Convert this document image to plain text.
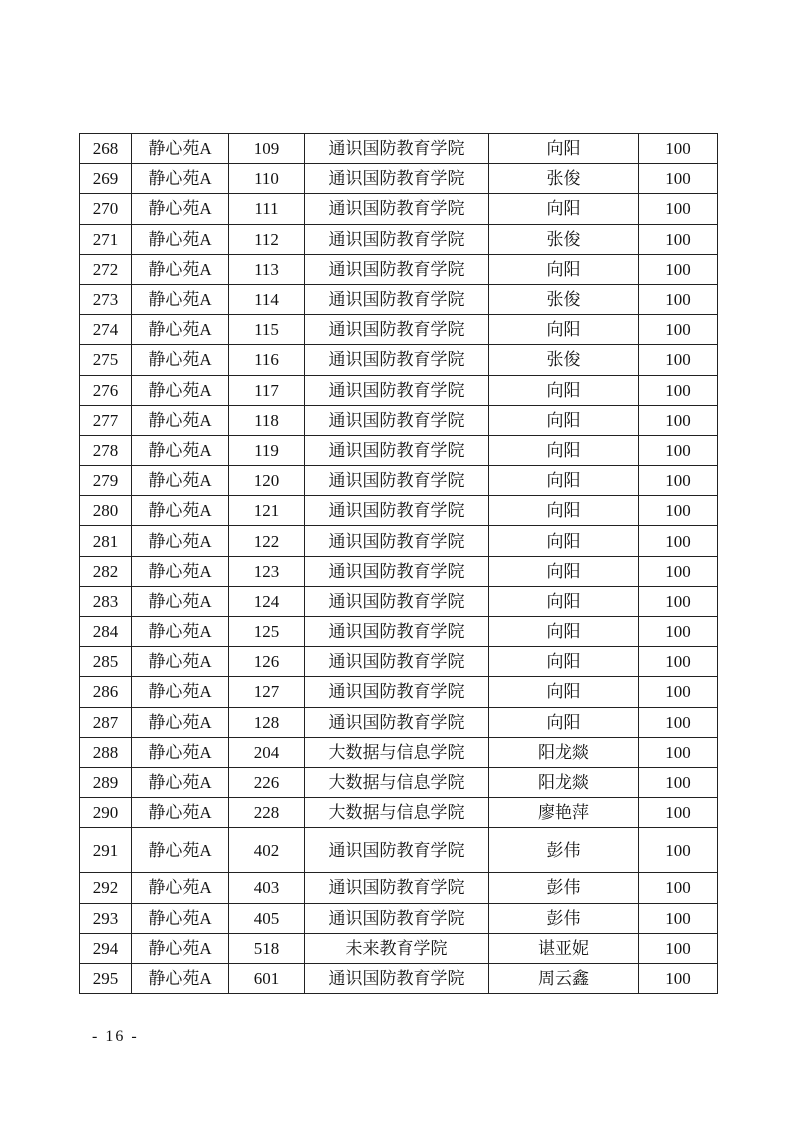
268	静心苑A	109	通识国防教育学院	向阳	100
269	静心苑A	110	通识国防教育学院	张俊	100
270	静心苑A	111	通识国防教育学院	向阳	100
271	静心苑A	112	通识国防教育学院	张俊	100
272	静心苑A	113	通识国防教育学院	向阳	100
273	静心苑A	114	通识国防教育学院	张俊	100
274	静心苑A	115	通识国防教育学院	向阳	100
275	静心苑A	116	通识国防教育学院	张俊	100
276	静心苑A	117	通识国防教育学院	向阳	100
277	静心苑A	118	通识国防教育学院	向阳	100
278	静心苑A	119	通识国防教育学院	向阳	100
279	静心苑A	120	通识国防教育学院	向阳	100
280	静心苑A	121	通识国防教育学院	向阳	100
281	静心苑A	122	通识国防教育学院	向阳	100
282	静心苑A	123	通识国防教育学院	向阳	100
283	静心苑A	124	通识国防教育学院	向阳	100
284	静心苑A	125	通识国防教育学院	向阳	100
285	静心苑A	126	通识国防教育学院	向阳	100
286	静心苑A	127	通识国防教育学院	向阳	100
287	静心苑A	128	通识国防教育学院	向阳	100
288	静心苑A	204	大数据与信息学院	阳龙燚	100
289	静心苑A	226	大数据与信息学院	阳龙燚	100
290	静心苑A	228	大数据与信息学院	廖艳萍	100
291	静心苑A	402	通识国防教育学院	彭伟	100
292	静心苑A	403	通识国防教育学院	彭伟	100
293	静心苑A	405	通识国防教育学院	彭伟	100
294	静心苑A	518	未来教育学院	谌亚妮	100
295	静心苑A	601	通识国防教育学院	周云鑫	100
- 16 -
